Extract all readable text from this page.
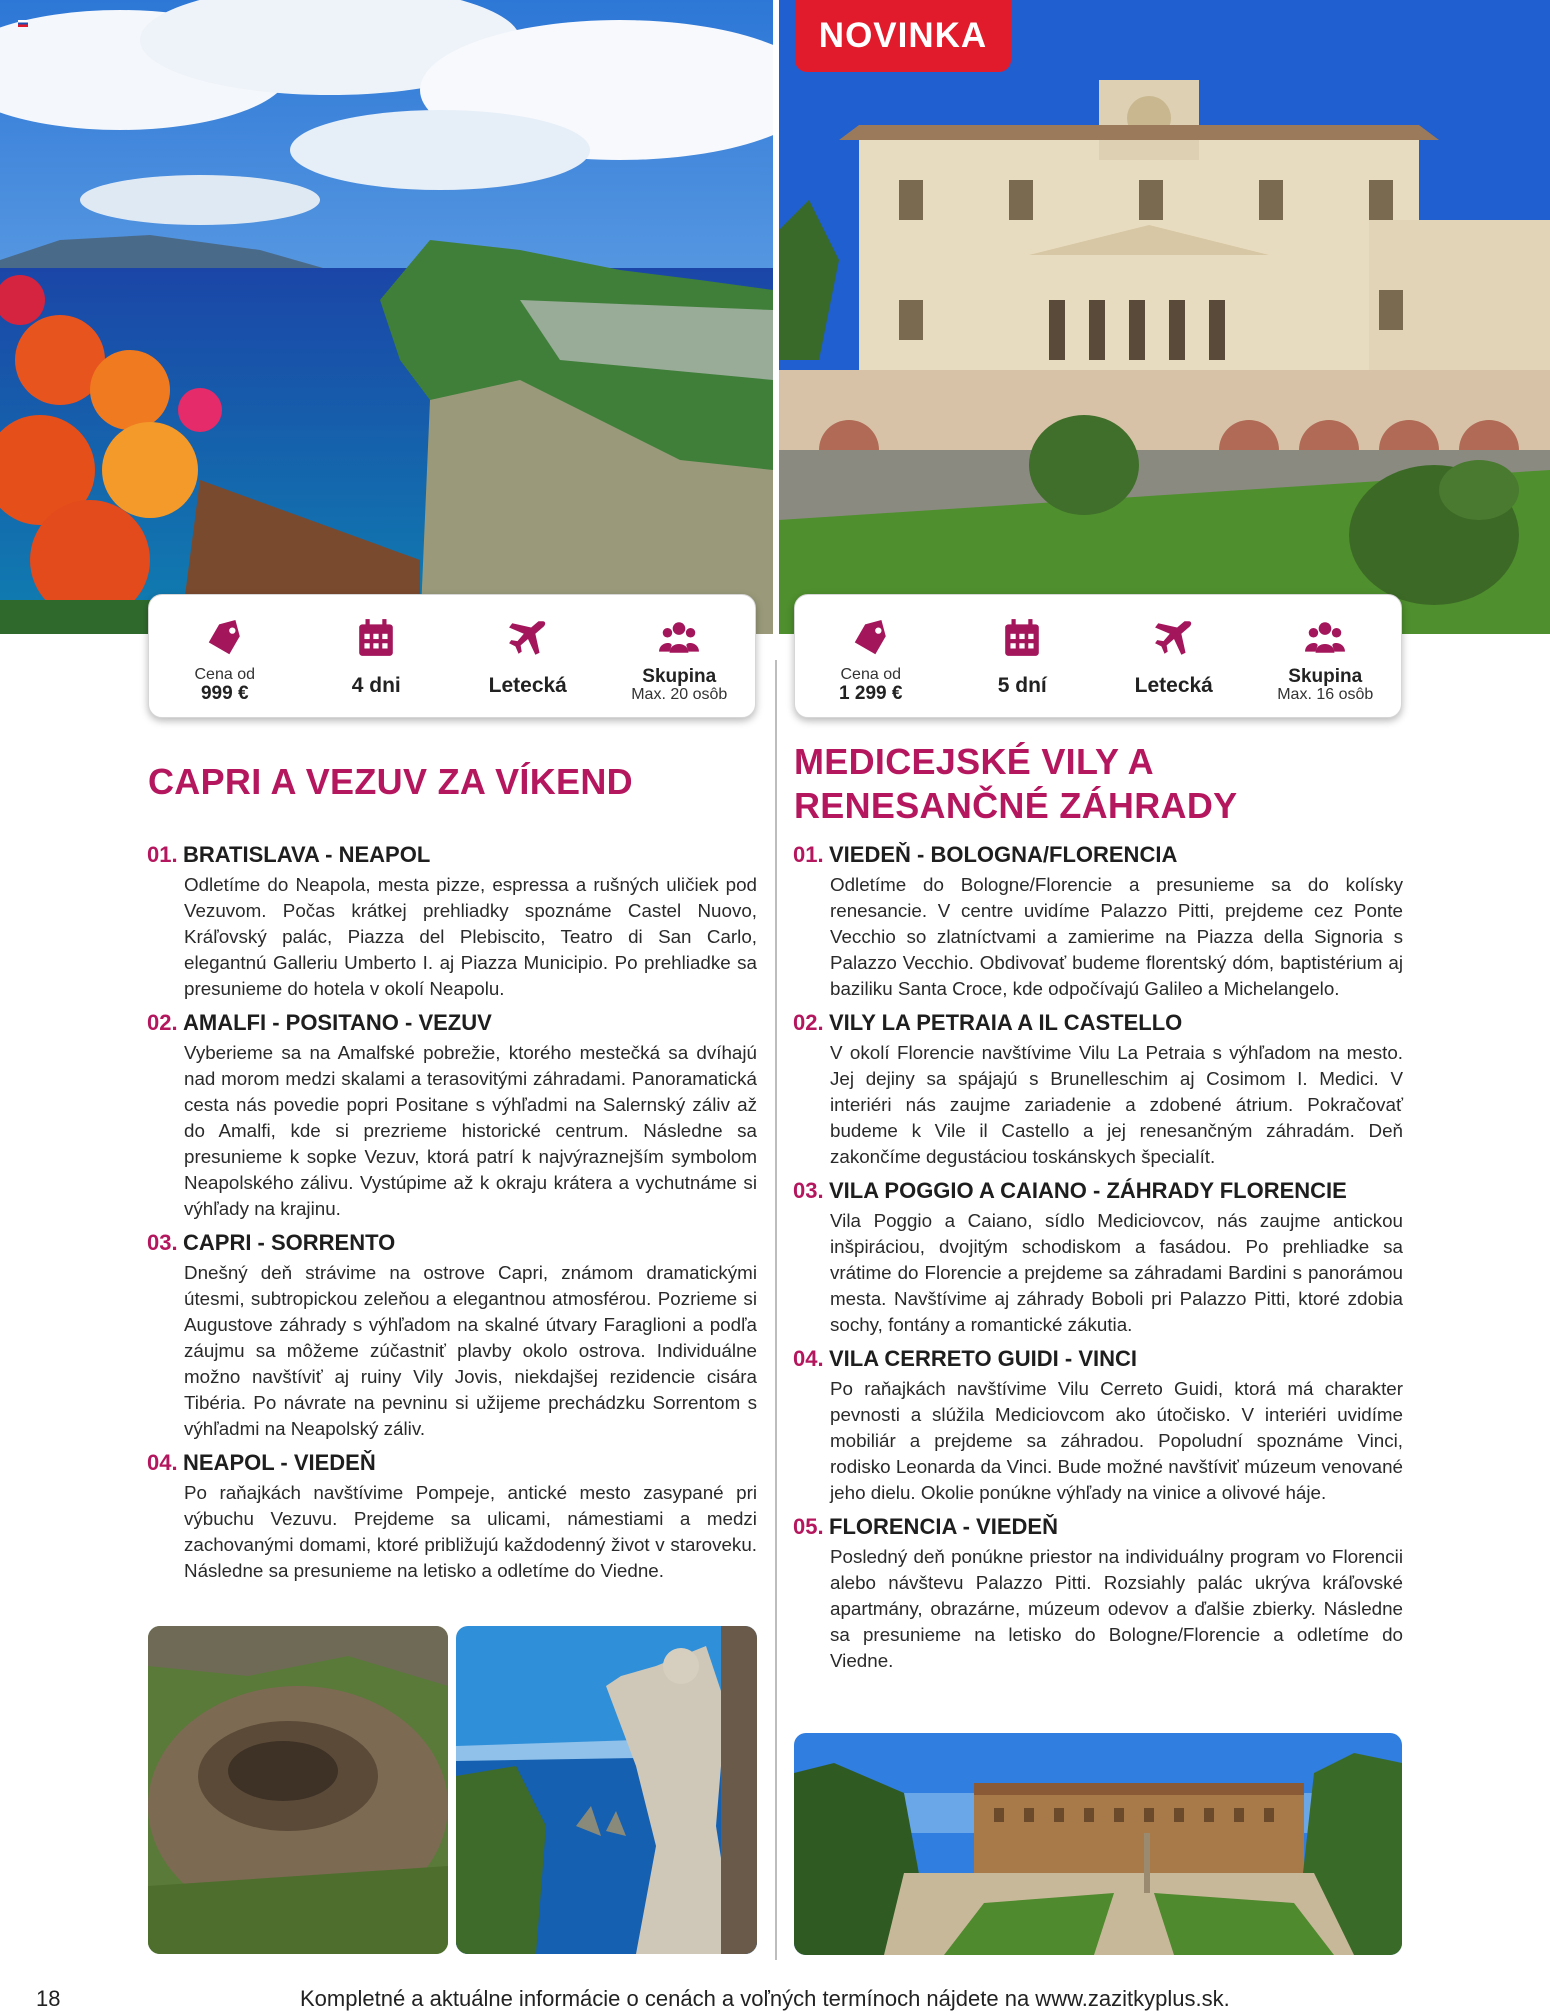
NOVINKA
Cena od
999 €	4 dni	Letecká	Skupina
Max. 20 osôb
Cena od
1 299 €	5 dní	Letecká	Skupina
Max. 16 osôb
CAPRI A VEZUV ZA VÍKEND	MEDICEJSKÉ VILY A RENESANČNÉ ZÁHRADY
01. BRATISLAVA - NEAPOL

Odletíme do Neapola, mesta pizze, espressa a rušných uličiek pod Vezuvom. Počas krátkej prehliadky spoznáme Castel Nuovo, Kráľovský palác, Piazza del Plebiscito, Teatro di San Carlo, elegantnú Galleriu Umberto I. aj Piazza Municipio. Po prehliadke sa presunieme do hotela v okolí Neapolu.

02. AMALFI - POSITANO - VEZUV

Vyberieme sa na Amalfské pobrežie, ktorého mestečká sa dvíhajú nad morom medzi skalami a terasovitými záhradami. Panoramatická cesta nás povedie popri Positane s výhľadmi na Salernský záliv až do Amalfi, kde si prezrieme historické centrum. Následne sa presunieme k sopke Vezuv, ktorá patrí k najvýraznejším symbolom Neapolského zálivu. Vystúpime až k okraju krátera a vychutnáme si výhľady na krajinu.

03. CAPRI - SORRENTO

Dnešný deň strávime na ostrove Capri, známom dramatickými útesmi, subtropickou zeleňou a elegantnou atmosférou. Pozrieme si Augustove záhrady s výhľadom na skalné útvary Faraglioni a podľa záujmu sa môžeme zúčastniť plavby okolo ostrova. Individuálne možno navštíviť aj ruiny Vily Jovis, niekdajšej rezidencie cisára Tibéria. Po návrate na pevninu si užijeme prechádzku Sorrentom s výhľadmi na Neapolský záliv.

04. NEAPOL - VIEDEŇ

Po raňajkách navštívime Pompeje, antické mesto zasypané pri výbuchu Vezuvu. Prejdeme sa ulicami, námestiami a medzi zachovanými domami, ktoré približujú každodenný život v staroveku. Následne sa presunieme na letisko a odletíme do Viedne.

01. VIEDEŇ - BOLOGNA/FLORENCIA

Odletíme do Bologne/Florencie a presunieme sa do kolísky renesancie. V centre uvidíme Palazzo Pitti, prejdeme cez Ponte Vecchio so zlatníctvami a zamierime na Piazza della Signoria s Palazzo Vecchio. Obdivovať budeme florentský dóm, baptistérium aj baziliku Santa Croce, kde odpočívajú Galileo a Michelangelo.

02. VILY LA PETRAIA A IL CASTELLO

V okolí Florencie navštívime Vilu La Petraia s výhľadom na mesto. Jej dejiny sa spájajú s Brunelleschim aj Cosimom I. Medici. V interiéri nás zaujme zariadenie a zdobené átrium. Pokračovať budeme k Vile il Castello a jej renesančným záhradám. Deň zakončíme degustáciou toskánskych špecialít.

03. VILA POGGIO A CAIANO - ZÁHRADY FLORENCIE

Vila Poggio a Caiano, sídlo Mediciovcov, nás zaujme antickou inšpiráciou, dvojitým schodiskom a fasádou. Po prehliadke sa vrátime do Florencie a prejdeme sa záhradami Bardini s panorámou mesta. Navštívime aj záhrady Boboli pri Palazzo Pitti, ktoré zdobia sochy, fontány a romantické zákutia.

04. VILA CERRETO GUIDI - VINCI

Po raňajkách navštívime Vilu Cerreto Guidi, ktorá má charakter pevnosti a slúžila Mediciovcom ako útočisko. V interiéri uvidíme mobiliár a prejdeme sa záhradou. Popoludní spoznáme Vinci, rodisko Leonarda da Vinci. Bude možné navštíviť múzeum venované jeho dielu. Okolie ponúkne výhľady na vinice a olivové háje.

05. FLORENCIA - VIEDEŇ

Posledný deň ponúkne priestor na individuálny program vo Florencii alebo návštevu Palazzo Pitti. Rozsiahly palác ukrýva kráľovské apartmány, obrazárne, múzeum odevov a ďalšie zbierky. Následne sa presunieme na letisko do Bologne/Florencie a odletíme do Viedne.

18	Kompletné a aktuálne informácie o cenách a voľných termínoch nájdete na www.zazitkyplus.sk.
